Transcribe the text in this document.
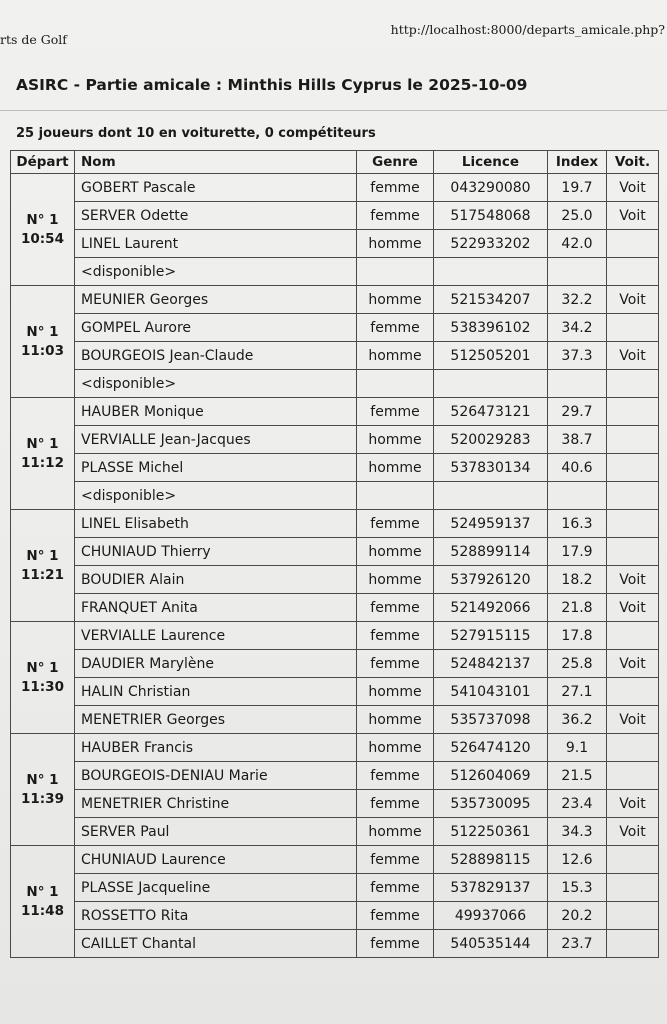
rts de Golf
http://localhost:8000/departs_amicale.php?
ASIRC - Partie amicale : Minthis Hills Cyprus le 2025-10-09
25 joueurs dont 10 en voiturette, 0 compétiteurs
Départ	Nom	Genre	Licence	Index	Voit.

N° 1
10:54	GOBERT Pascale	femme	043290080	19.7	Voit
	SERVER Odette	femme	517548068	25.0	Voit
	LINEL Laurent	homme	522933202	42.0	
	<disponible>				

N° 1
11:03	MEUNIER Georges	homme	521534207	32.2	Voit
	GOMPEL Aurore	femme	538396102	34.2	
	BOURGEOIS Jean-Claude	homme	512505201	37.3	Voit
	<disponible>				

N° 1
11:12	HAUBER Monique	femme	526473121	29.7	
	VERVIALLE Jean-Jacques	homme	520029283	38.7	
	PLASSE Michel	homme	537830134	40.6	
	<disponible>				

N° 1
11:21	LINEL Elisabeth	femme	524959137	16.3	
	CHUNIAUD Thierry	homme	528899114	17.9	
	BOUDIER Alain	homme	537926120	18.2	Voit
	FRANQUET Anita	femme	521492066	21.8	Voit

N° 1
11:30	VERVIALLE Laurence	femme	527915115	17.8	
	DAUDIER Marylène	femme	524842137	25.8	Voit
	HALIN Christian	homme	541043101	27.1	
	MENETRIER Georges	homme	535737098	36.2	Voit

N° 1
11:39	HAUBER Francis	homme	526474120	9.1	
	BOURGEOIS-DENIAU Marie	femme	512604069	21.5	
	MENETRIER Christine	femme	535730095	23.4	Voit
	SERVER Paul	homme	512250361	34.3	Voit

N° 1
11:48	CHUNIAUD Laurence	femme	528898115	12.6	
	PLASSE Jacqueline	femme	537829137	15.3	
	ROSSETTO Rita	femme	49937066	20.2	
	CAILLET Chantal	femme	540535144	23.7	
